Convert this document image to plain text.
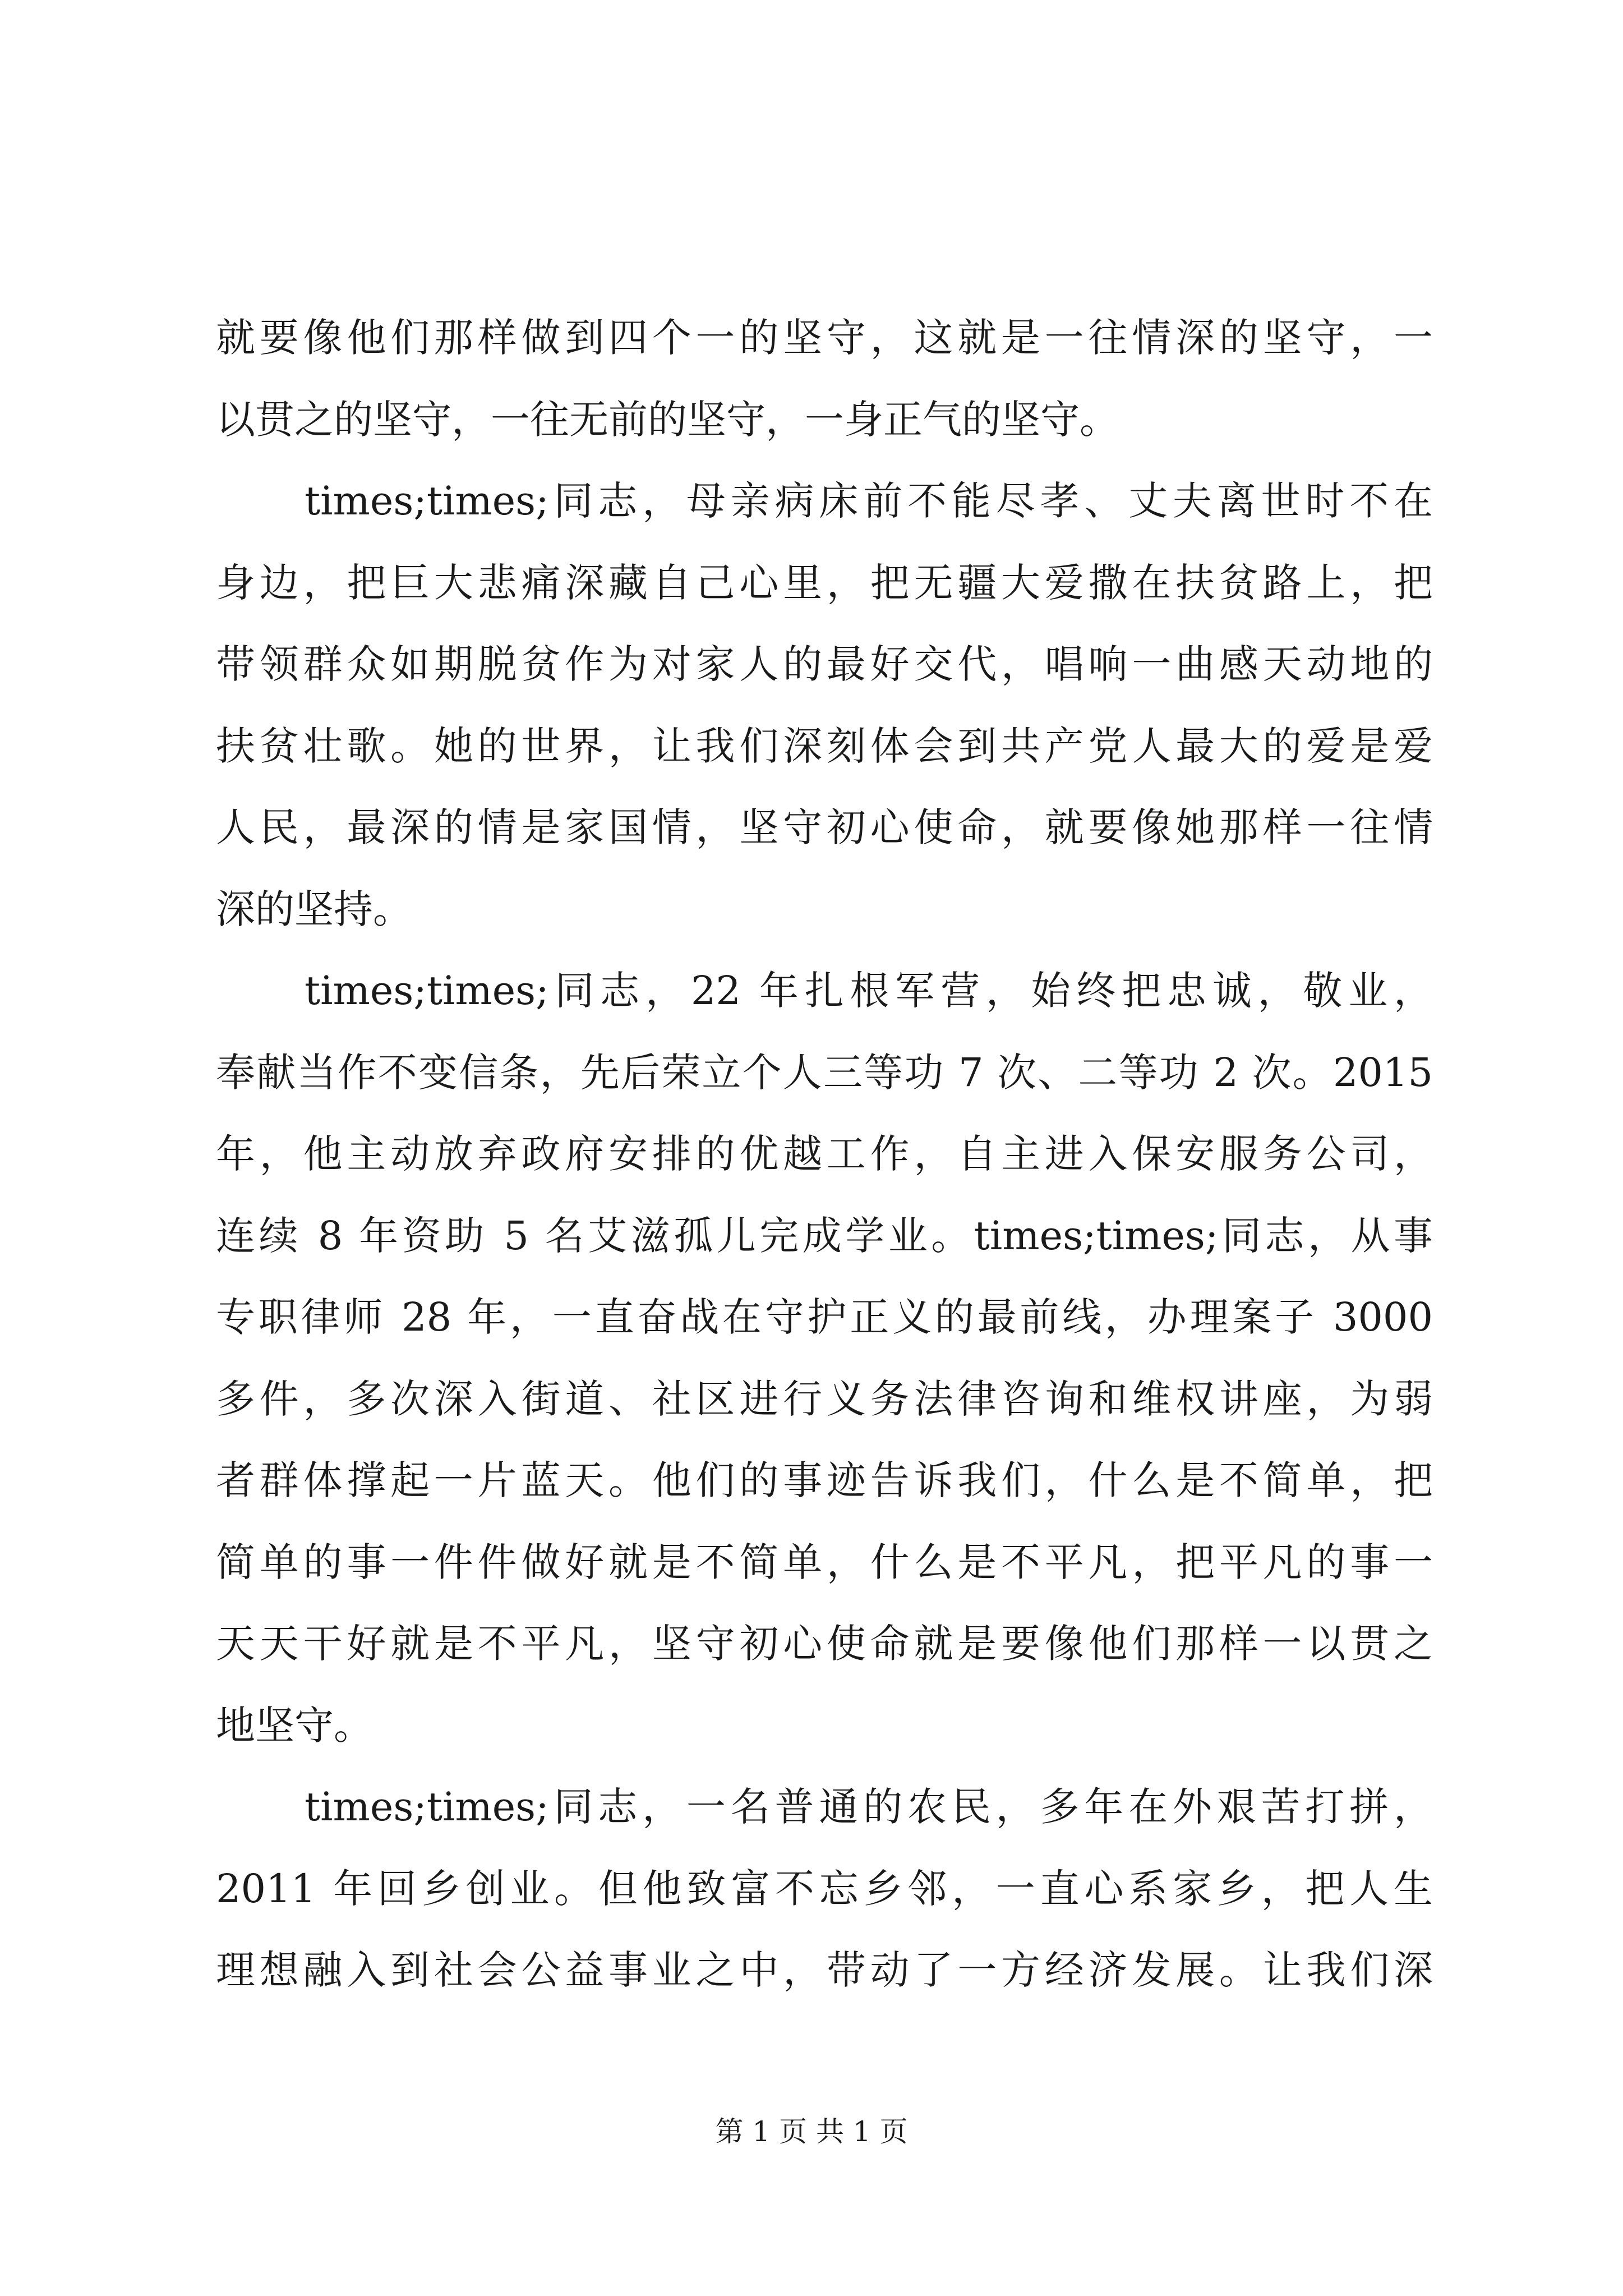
就要像他们那样做到四个一的坚守，这就是一往情深的坚守，一
以贯之的坚守，一往无前的坚守，一身正气的坚守。
times;times;同志，母亲病床前不能尽孝、丈夫离世时不在
身边，把巨大悲痛深藏自己心里，把无疆大爱撒在扶贫路上，把
带领群众如期脱贫作为对家人的最好交代，唱响一曲感天动地的
扶贫壮歌。她的世界，让我们深刻体会到共产党人最大的爱是爱
人民，最深的情是家国情，坚守初心使命，就要像她那样一往情
深的坚持。
times;times;同志，22 年扎根军营，始终把忠诚，敬业，
奉献当作不变信条，先后荣立个人三等功 7 次、二等功 2 次。2015
年，他主动放弃政府安排的优越工作，自主进入保安服务公司，
连续 8 年资助 5 名艾滋孤儿完成学业。times;times;同志，从事
专职律师 28 年，一直奋战在守护正义的最前线，办理案子 3000
多件，多次深入街道、社区进行义务法律咨询和维权讲座，为弱
者群体撑起一片蓝天。他们的事迹告诉我们，什么是不简单，把
简单的事一件件做好就是不简单，什么是不平凡，把平凡的事一
天天干好就是不平凡，坚守初心使命就是要像他们那样一以贯之
地坚守。
times;times;同志，一名普通的农民，多年在外艰苦打拼，
2011 年回乡创业。但他致富不忘乡邻，一直心系家乡，把人生
理想融入到社会公益事业之中，带动了一方经济发展。让我们深
第 1 页 共 1 页
